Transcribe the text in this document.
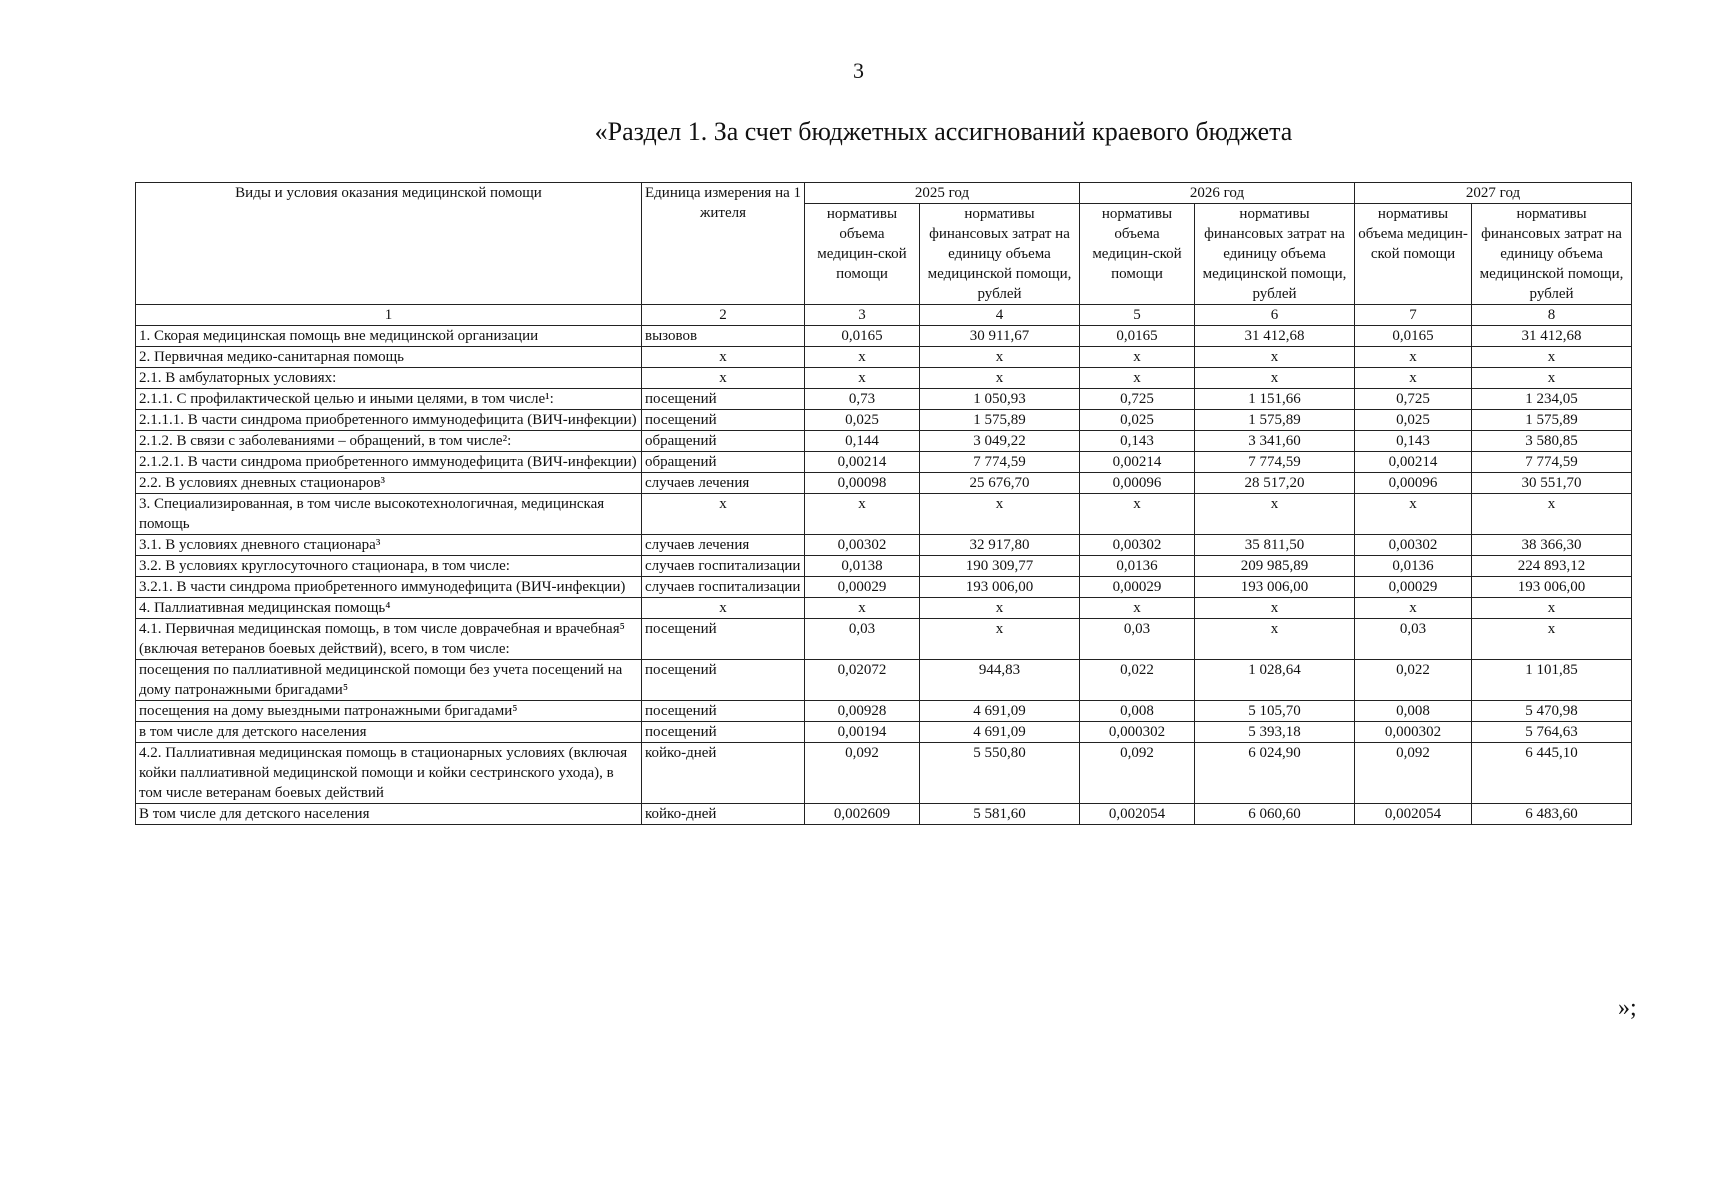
3
«Раздел 1. За счет бюджетных ассигнований краевого бюджета
Виды и условия оказания медицинской помощи	Единица измерения на 1 жителя	2025 год		2026 год		2027 год	
		нормативы объема медицин-ской помощи	нормативы финансовых затрат на единицу объема медицинской помощи, рублей	нормативы объема медицин-ской помощи	нормативы финансовых затрат на единицу объема медицинской помощи, рублей	нормативы объема медицин-ской помощи	нормативы финансовых затрат на единицу объема медицинской помощи, рублей
1	2	3	4	5	6	7	8
1. Скорая медицинская помощь вне медицинской организации	вызовов	0,0165	30 911,67	0,0165	31 412,68	0,0165	31 412,68
2. Первичная медико-санитарная помощь	х	х	х	х	х	х	х
2.1. В амбулаторных условиях:	х	х	х	х	х	х	х
2.1.1. С профилактической целью и иными целями, в том числе¹:	посещений	0,73	1 050,93	0,725	1 151,66	0,725	1 234,05
2.1.1.1. В части синдрома приобретенного иммунодефицита (ВИЧ-инфекции)	посещений	0,025	1 575,89	0,025	1 575,89	0,025	1 575,89
2.1.2. В связи с заболеваниями – обращений, в том числе²:	обращений	0,144	3 049,22	0,143	3 341,60	0,143	3 580,85
2.1.2.1. В части синдрома приобретенного иммунодефицита (ВИЧ-инфекции)	обращений	0,00214	7 774,59	0,00214	7 774,59	0,00214	7 774,59
2.2. В условиях дневных стационаров³	случаев лечения	0,00098	25 676,70	0,00096	28 517,20	0,00096	30 551,70
3. Специализированная, в том числе высокотехнологичная, медицинская помощь	х	х	х	х	х	х	х
3.1. В условиях дневного стационара³	случаев лечения	0,00302	32 917,80	0,00302	35 811,50	0,00302	38 366,30
3.2. В условиях круглосуточного стационара, в том числе:	случаев госпитализации	0,0138	190 309,77	0,0136	209 985,89	0,0136	224 893,12
3.2.1. В части синдрома приобретенного иммунодефицита (ВИЧ-инфекции)	случаев госпитализации	0,00029	193 006,00	0,00029	193 006,00	0,00029	193 006,00
4. Паллиативная медицинская помощь⁴	х	х	х	х	х	х	х
4.1. Первичная медицинская помощь, в том числе доврачебная и врачебная⁵ (включая ветеранов боевых действий), всего, в том числе:	посещений	0,03	х	0,03	х	0,03	х
посещения по паллиативной медицинской помощи без учета посещений на дому патронажными бригадами⁵	посещений	0,02072	944,83	0,022	1 028,64	0,022	1 101,85
посещения на дому выездными патронажными бригадами⁵	посещений	0,00928	4 691,09	0,008	5 105,70	0,008	5 470,98
в том числе для детского населения	посещений	0,00194	4 691,09	0,000302	5 393,18	0,000302	5 764,63
4.2. Паллиативная медицинская помощь в стационарных условиях (включая койки паллиативной медицинской помощи и койки сестринского ухода), в том числе ветеранам боевых действий	койко-дней	0,092	5 550,80	0,092	6 024,90	0,092	6 445,10
В том числе для детского населения	койко-дней	0,002609	5 581,60	0,002054	6 060,60	0,002054	6 483,60
»;
